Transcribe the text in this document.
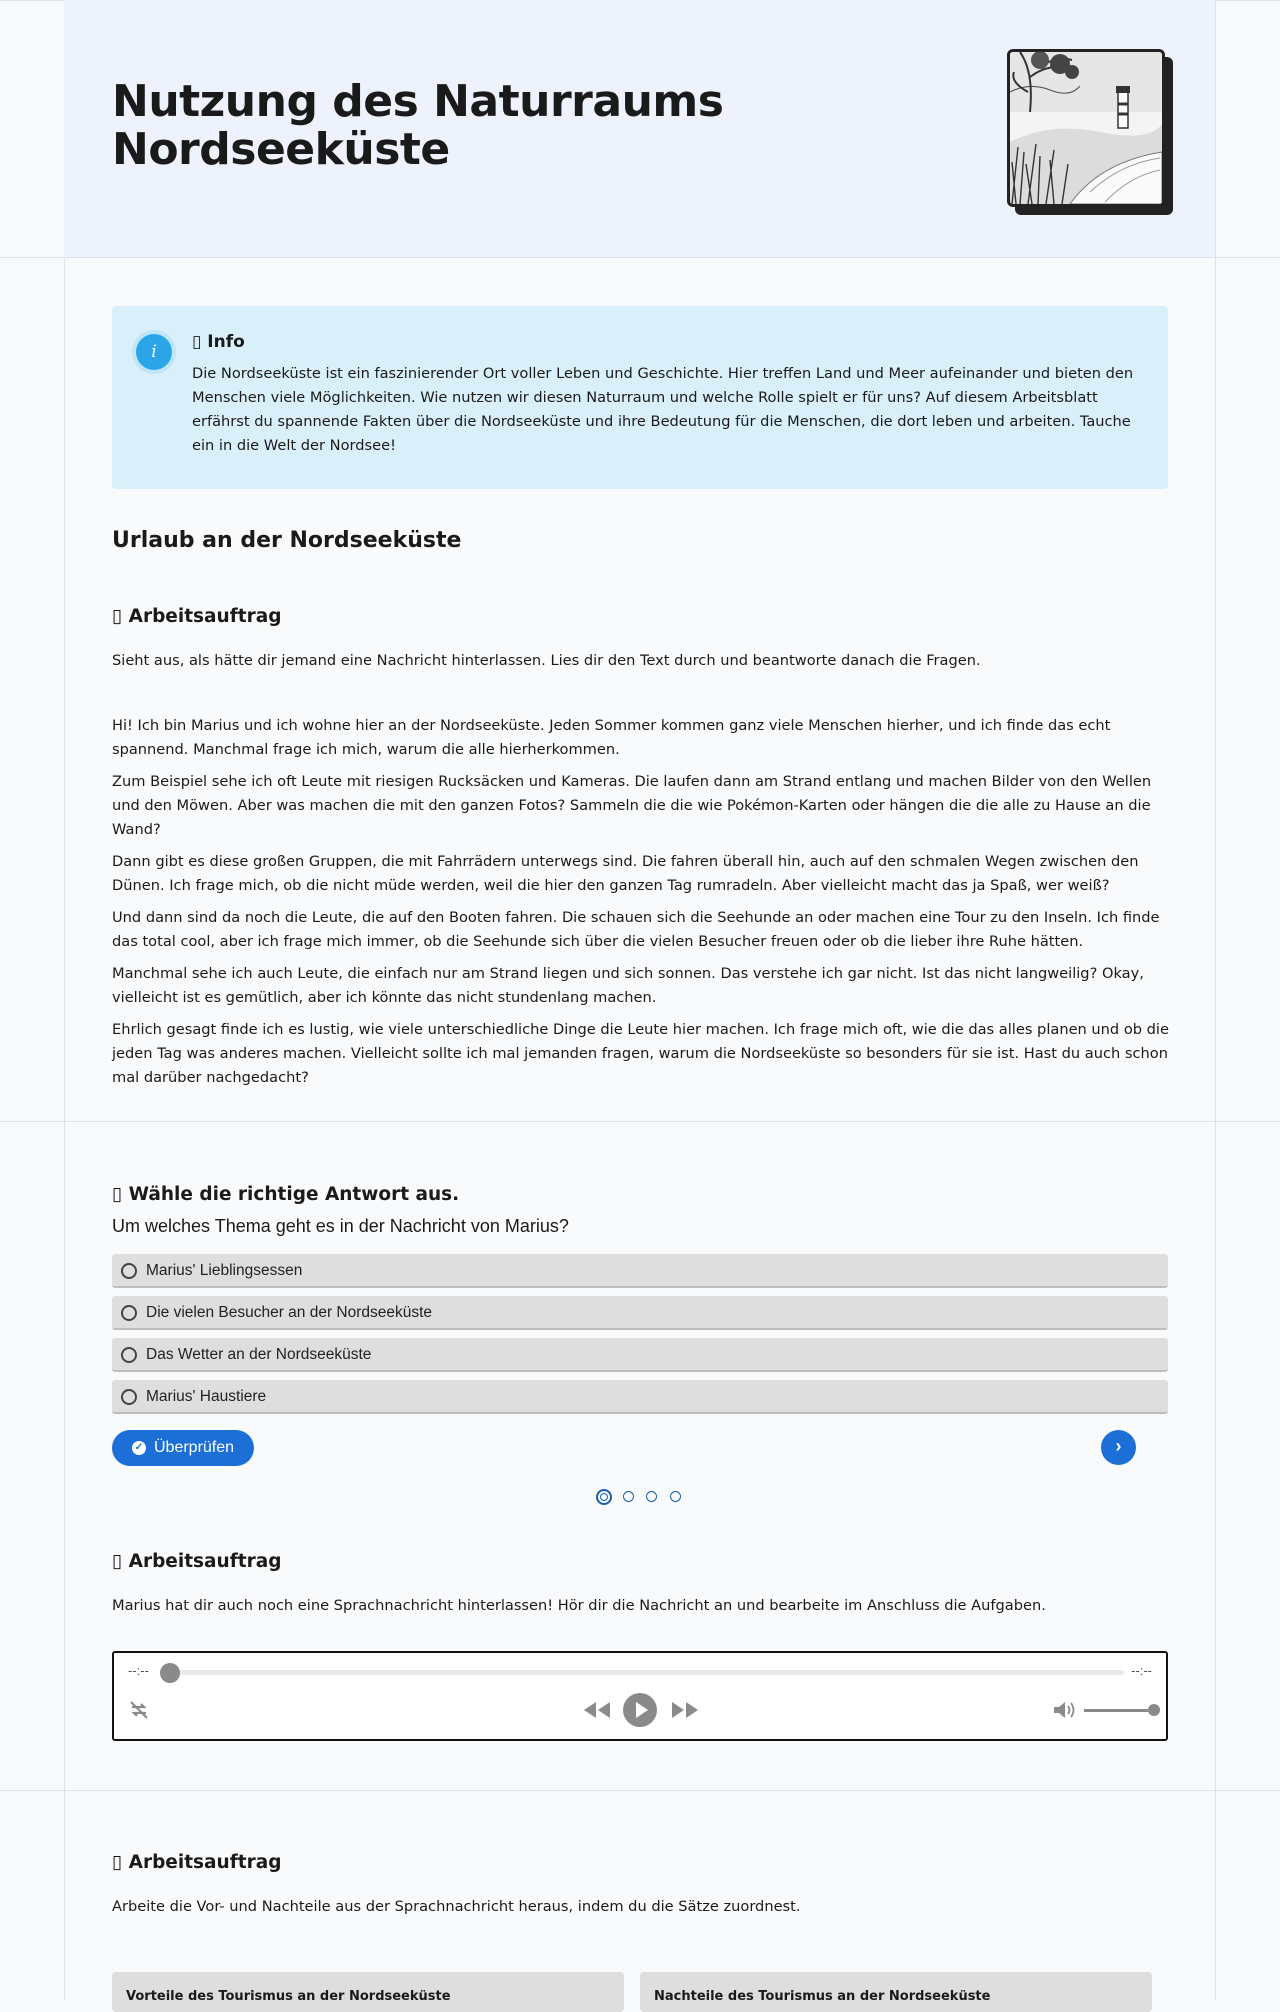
Nutzung des Naturraums Nordseeküste
i	▯ Info

Die Nordseeküste ist ein faszinierender Ort voller Leben und Geschichte. Hier treffen Land und Meer aufeinander und bieten den Menschen viele Möglichkeiten. Wie nutzen wir diesen Naturraum und welche Rolle spielt er für uns? Auf diesem Arbeitsblatt erfährst du spannende Fakten über die Nordseeküste und ihre Bedeutung für die Menschen, die dort leben und arbeiten. Tauche ein in die Welt der Nordsee!

Urlaub an der Nordseeküste
▯ Arbeitsauftrag

Sieht aus, als hätte dir jemand eine Nachricht hinterlassen. Lies dir den Text durch und beantworte danach die Fragen.

Hi! Ich bin Marius und ich wohne hier an der Nordseeküste. Jeden Sommer kommen ganz viele Menschen hierher, und ich finde das echt spannend. Manchmal frage ich mich, warum die alle hierherkommen.

Zum Beispiel sehe ich oft Leute mit riesigen Rucksäcken und Kameras. Die laufen dann am Strand entlang und machen Bilder von den Wellen und den Möwen. Aber was machen die mit den ganzen Fotos? Sammeln die die wie Pokémon-Karten oder hängen die die alle zu Hause an die Wand?

Dann gibt es diese großen Gruppen, die mit Fahrrädern unterwegs sind. Die fahren überall hin, auch auf den schmalen Wegen zwischen den Dünen. Ich frage mich, ob die nicht müde werden, weil die hier den ganzen Tag rumradeln. Aber vielleicht macht das ja Spaß, wer weiß?

Und dann sind da noch die Leute, die auf den Booten fahren. Die schauen sich die Seehunde an oder machen eine Tour zu den Inseln. Ich finde das total cool, aber ich frage mich immer, ob die Seehunde sich über die vielen Besucher freuen oder ob die lieber ihre Ruhe hätten.

Manchmal sehe ich auch Leute, die einfach nur am Strand liegen und sich sonnen. Das verstehe ich gar nicht. Ist das nicht langweilig? Okay, vielleicht ist es gemütlich, aber ich könnte das nicht stundenlang machen.

Ehrlich gesagt finde ich es lustig, wie viele unterschiedliche Dinge die Leute hier machen. Ich frage mich oft, wie die das alles planen und ob die jeden Tag was anderes machen. Vielleicht sollte ich mal jemanden fragen, warum die Nordseeküste so besonders für sie ist. Hast du auch schon mal darüber nachgedacht?

▯ Wähle die richtige Antwort aus.

Um welches Thema geht es in der Nachricht von Marius?

Marius' Lieblingsessen
Die vielen Besucher an der Nordseeküste
Das Wetter an der Nordseeküste
Marius' Haustiere
✓ Überprüfen	›
▯ Arbeitsauftrag

Marius hat dir auch noch eine Sprachnachricht hinterlassen! Hör dir die Nachricht an und bearbeite im Anschluss die Aufgaben.

--:--	--:--
▯ Arbeitsauftrag

Arbeite die Vor- und Nachteile aus der Sprachnachricht heraus, indem du die Sätze zuordnest.

Vorteile des Tourismus an der Nordseeküste	Nachteile des Tourismus an der Nordseeküste
